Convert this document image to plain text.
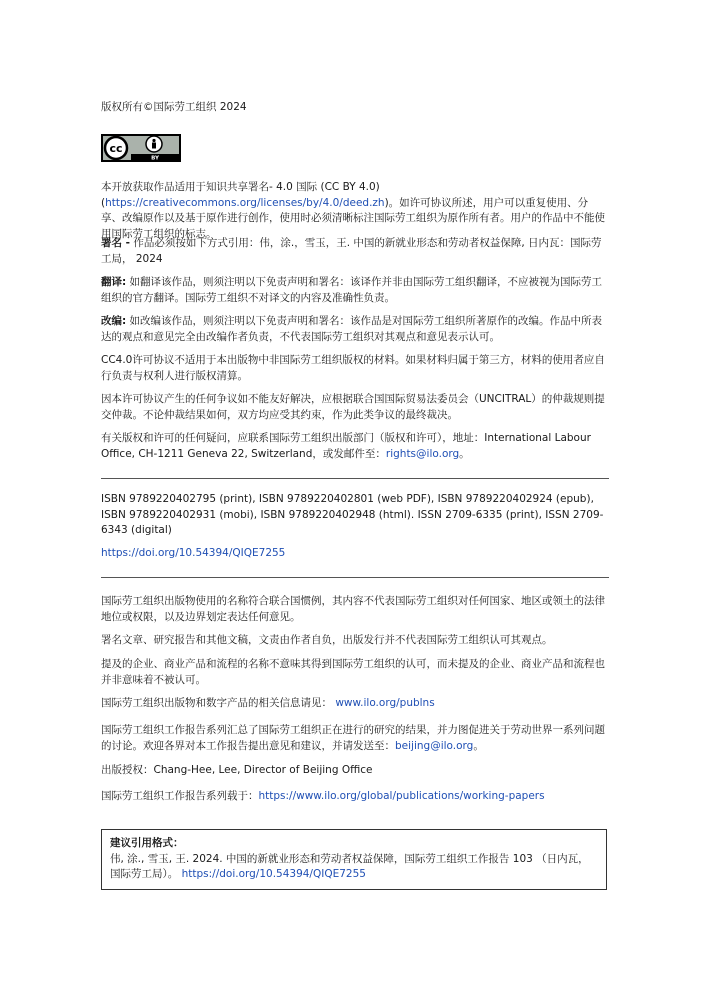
版权所有©国际劳工组织 2024

cc
BY

本开放获取作品适用于知识共享署名- 4.0 国际 (CC BY 4.0) (https://creativecommons.org/licenses/by/4.0/deed.zh)。如许可协议所述，用户可以重复使用、分享、改编原作以及基于原作进行创作，使用时必须清晰标注国际劳工组织为原作所有者。用户的作品中不能使用国际劳工组织的标志。

署名 - 作品必须按如下方式引用：伟，涂.，雪玉，王. 中国的新就业形态和劳动者权益保障, 日内瓦：国际劳工局， 2024

翻译: 如翻译该作品，则须注明以下免责声明和署名：该译作并非由国际劳工组织翻译，不应被视为国际劳工组织的官方翻译。国际劳工组织不对译文的内容及准确性负责。

改编: 如改编该作品，则须注明以下免责声明和署名：该作品是对国际劳工组织所著原作的改编。作品中所表达的观点和意见完全由改编作者负责，不代表国际劳工组织对其观点和意见表示认可。

CC4.0许可协议不适用于本出版物中非国际劳工组织版权的材料。如果材料归属于第三方，材料的使用者应自行负责与权利人进行版权清算。

因本许可协议产生的任何争议如不能友好解决，应根据联合国国际贸易法委员会（UNCITRAL）的仲裁规则提交仲裁。不论仲裁结果如何，双方均应受其约束，作为此类争议的最终裁决。

有关版权和许可的任何疑问，应联系国际劳工组织出版部门（版权和许可），地址：International Labour Office, CH-1211 Geneva 22, Switzerland，或发邮件至：rights@ilo.org。

ISBN 9789220402795 (print), ISBN 9789220402801 (web PDF), ISBN 9789220402924 (epub), ISBN 9789220402931 (mobi), ISBN 9789220402948 (html). ISSN 2709-6335 (print), ISSN 2709-6343 (digital)

https://doi.org/10.54394/QIQE7255

国际劳工组织出版物使用的名称符合联合国惯例，其内容不代表国际劳工组织对任何国家、地区或领土的法律地位或权限，以及边界划定表达任何意见。

署名文章、研究报告和其他文稿，文责由作者自负，出版发行并不代表国际劳工组织认可其观点。

提及的企业、商业产品和流程的名称不意味其得到国际劳工组织的认可，而未提及的企业、商业产品和流程也并非意味着不被认可。

国际劳工组织出版物和数字产品的相关信息请见： www.ilo.org/publns

国际劳工组织工作报告系列汇总了国际劳工组织正在进行的研究的结果，并力图促进关于劳动世界一系列问题的讨论。欢迎各界对本工作报告提出意见和建议，并请发送至：beijing@ilo.org。

出版授权：Chang-Hee, Lee, Director of Beijing Office

国际劳工组织工作报告系列载于：https://www.ilo.org/global/publications/working-papers

建议引用格式：

伟, 涂., 雪玉, 王. 2024. 中国的新就业形态和劳动者权益保障，国际劳工组织工作报告 103 （日内瓦，国际劳工局）。 https://doi.org/10.54394/QIQE7255
